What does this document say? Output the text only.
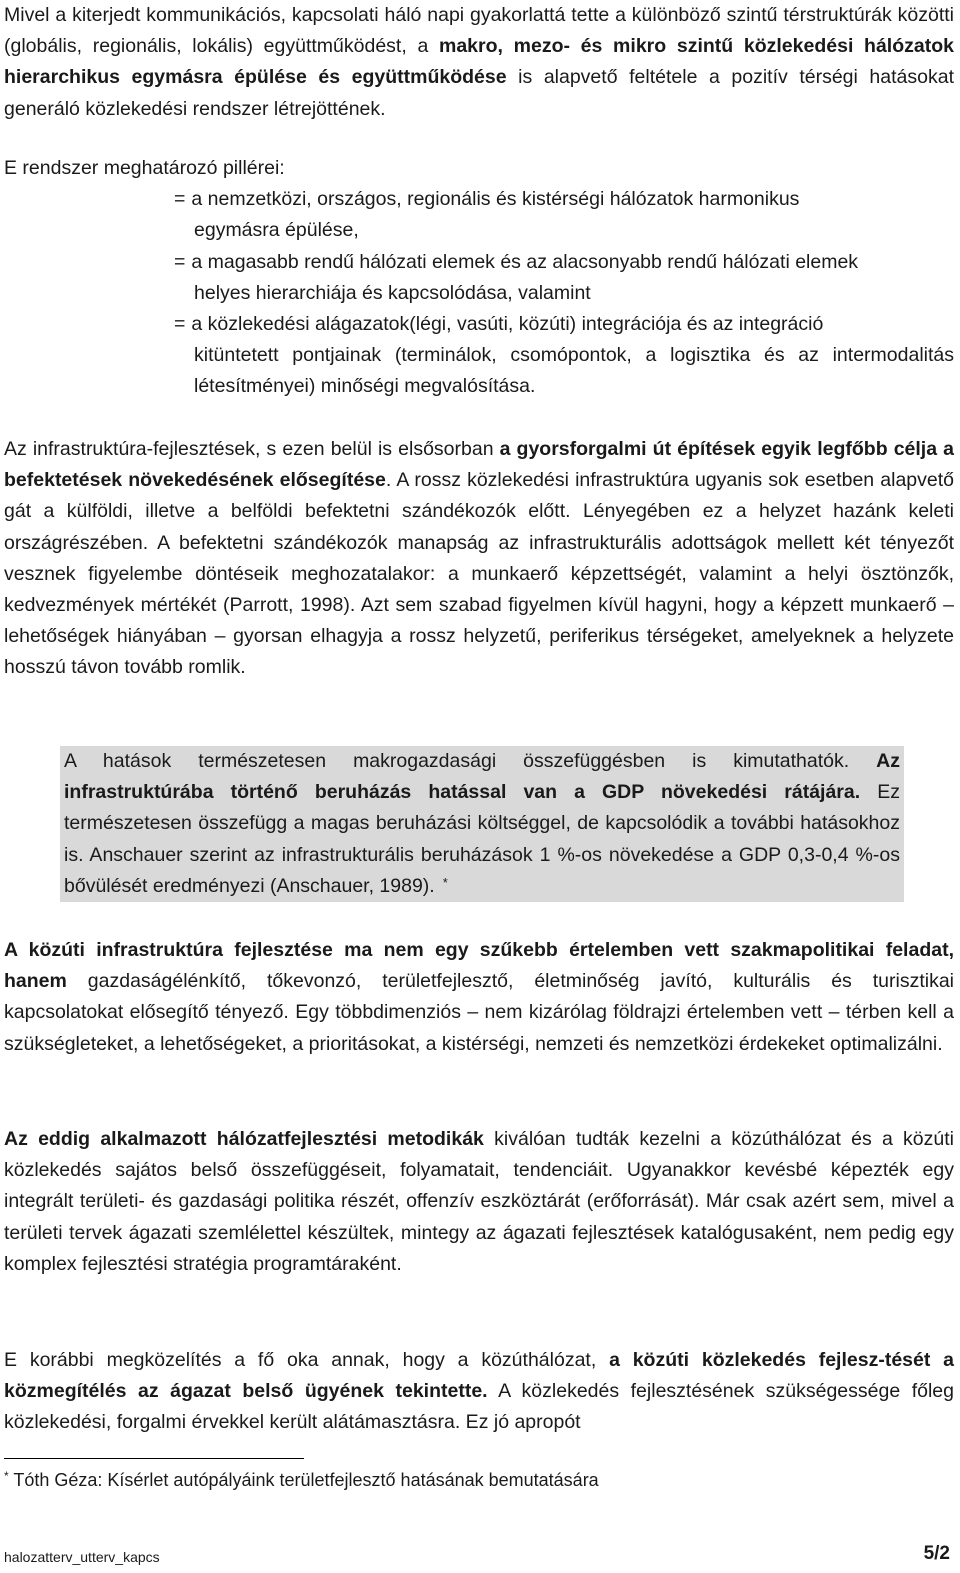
Mivel a kiterjedt kommunikációs, kapcsolati háló napi gyakorlattá tette a különböző szintű térstruktúrák közötti (globális, regionális, lokális) együttműködést, a makro, mezo- és mikro szintű közlekedési hálózatok hierarchikus egymásra épülése és együttműködése is alapvető feltétele a pozitív térségi hatásokat generáló közlekedési rendszer létrejöttének.

E rendszer meghatározó pillérei:

= a nemzetközi, országos, regionális és kistérségi hálózatok harmonikus
egymásra épülése,

= a magasabb rendű hálózati elemek és az alacsonyabb rendű hálózati elemek
helyes hierarchiája és kapcsolódása, valamint

= a közlekedési alágazatok(légi, vasúti, közúti) integrációja és az integráció
kitüntetett pontjainak (terminálok, csomópontok, a logisztika és az intermodalitás létesítményei) minőségi megvalósítása.

Az infrastruktúra-fejlesztések, s ezen belül is elsősorban a gyorsforgalmi út építések egyik legfőbb célja a befektetések növekedésének elősegítése. A rossz közlekedési infrastruktúra ugyanis sok esetben alapvető gát a külföldi, illetve a belföldi befektetni szándékozók előtt. Lényegében ez a helyzet hazánk keleti országrészében. A befektetni szándékozók manapság az infrastrukturális adottságok mellett két tényezőt vesznek figyelembe döntéseik meghozatalakor: a munkaerő képzettségét, valamint a helyi ösztönzők, kedvezmények mértékét (Parrott, 1998). Azt sem szabad figyelmen kívül hagyni, hogy a képzett munkaerő – lehetőségek hiányában – gyorsan elhagyja a rossz helyzetű, periferikus térségeket, amelyeknek a helyzete hosszú távon tovább romlik.

A hatások természetesen makrogazdasági összefüggésben is kimutathatók. Az infrastruktúrába történő beruházás hatással van a GDP növekedési rátájára. Ez természetesen összefügg a magas beruházási költséggel, de kapcsolódik a további hatásokhoz is. Anschauer szerint az infrastrukturális beruházások 1 %-os növekedése a GDP 0,3-0,4 %-os bővülését eredményezi (Anschauer, 1989). *

A közúti infrastruktúra fejlesztése ma nem egy szűkebb értelemben vett szakmapolitikai feladat, hanem gazdaságélénkítő, tőkevonzó, területfejlesztő, életminőség javító, kulturális és turisztikai kapcsolatokat elősegítő tényező. Egy többdimenziós – nem kizárólag földrajzi értelemben vett – térben kell a szükségleteket, a lehetőségeket, a prioritásokat, a kistérségi, nemzeti és nemzetközi érdekeket optimalizálni.

Az eddig alkalmazott hálózatfejlesztési metodikák kiválóan tudták kezelni a közúthálózat és a közúti közlekedés sajátos belső összefüggéseit, folyamatait, tendenciáit. Ugyanakkor kevésbé képezték egy integrált területi- és gazdasági politika részét, offenzív eszköztárát (erőforrását). Már csak azért sem, mivel a területi tervek ágazati szemlélettel készültek, mintegy az ágazati fejlesztések katalógusaként, nem pedig egy komplex fejlesztési stratégia programtáraként.

E korábbi megközelítés a fő oka annak, hogy a közúthálózat, a közúti közlekedés fejlesz-tését a közmegítélés az ágazat belső ügyének tekintette. A közlekedés fejlesztésének szükségessége főleg közlekedési, forgalmi érvekkel került alátámasztásra. Ez jó apropót

* Tóth Géza: Kísérlet autópályáink területfejlesztő hatásának bemutatására

halozatterv_utterv_kapcs	5/2
